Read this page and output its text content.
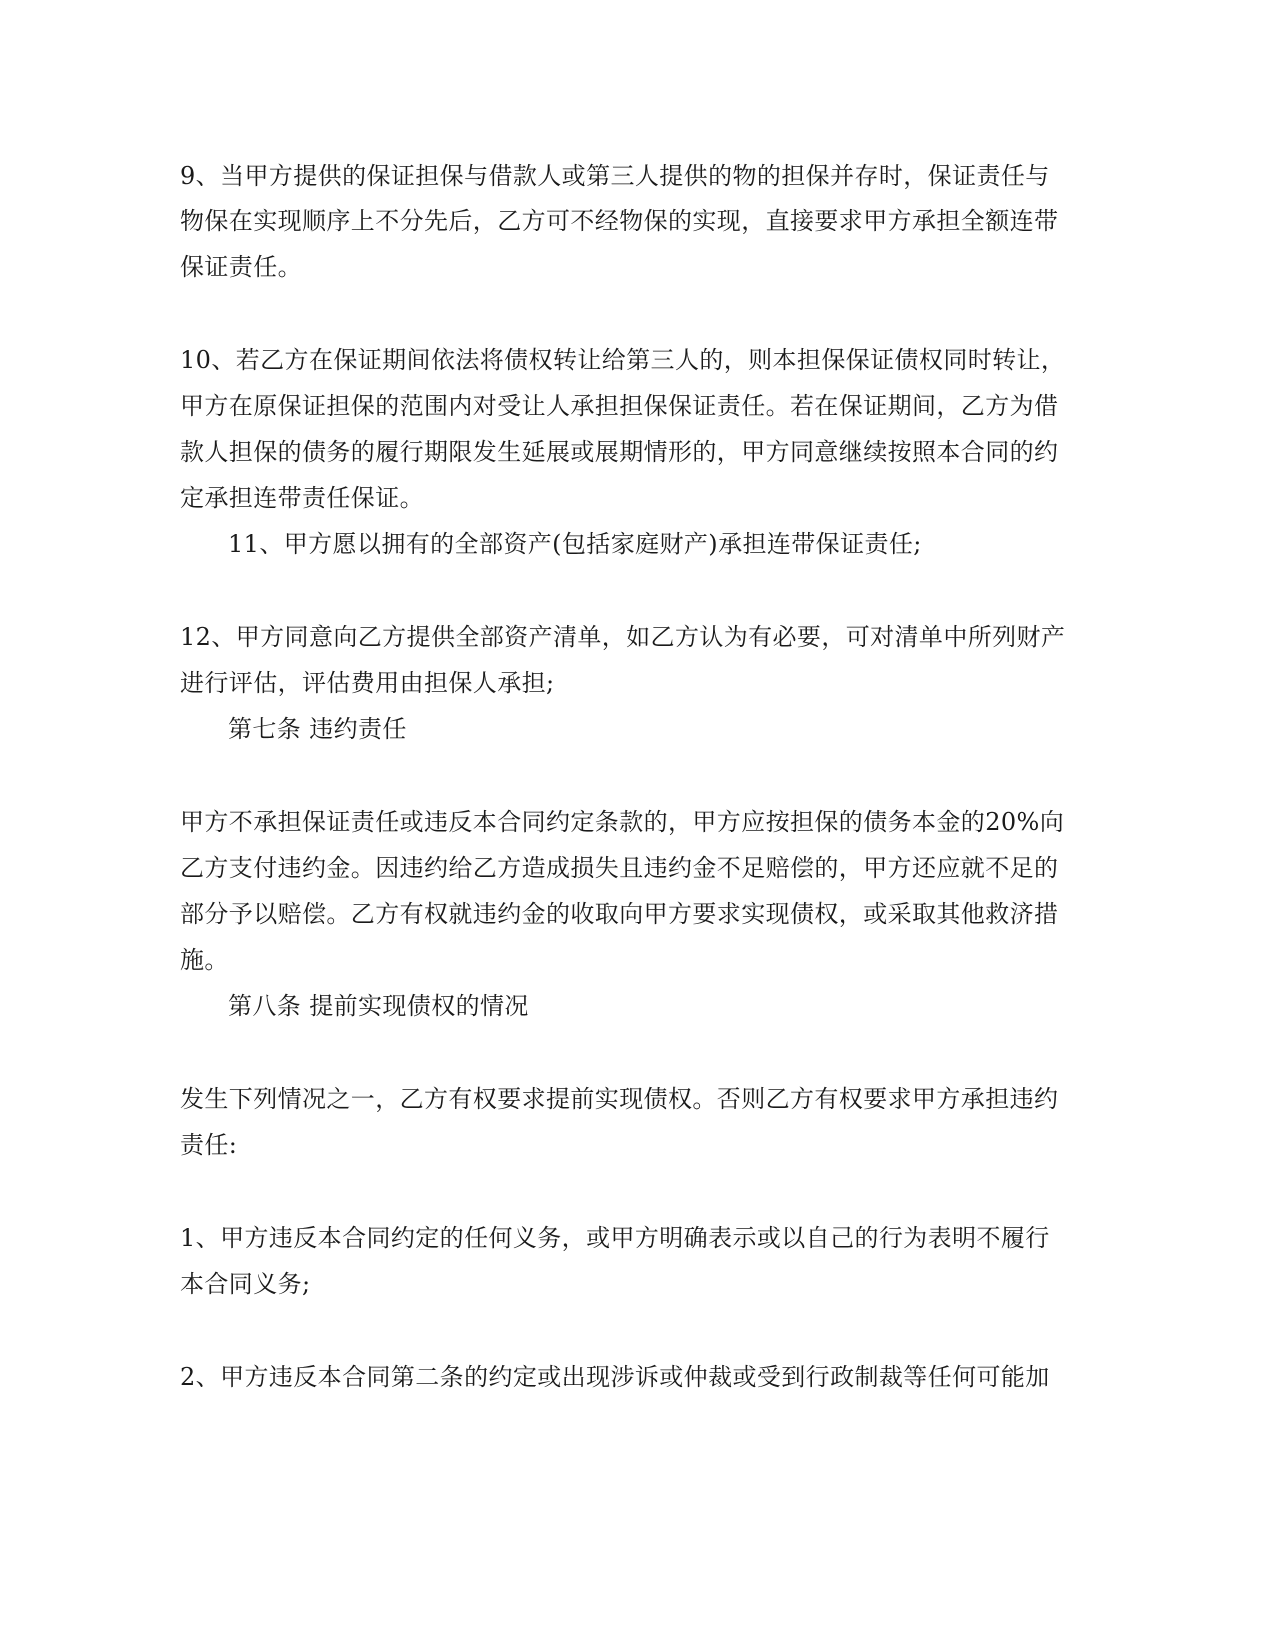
9、当甲方提供的保证担保与借款人或第三人提供的物的担保并存时，保证责任与
物保在实现顺序上不分先后，乙方可不经物保的实现，直接要求甲方承担全额连带
保证责任。
10、若乙方在保证期间依法将债权转让给第三人的，则本担保保证债权同时转让，
甲方在原保证担保的范围内对受让人承担担保保证责任。若在保证期间，乙方为借
款人担保的债务的履行期限发生延展或展期情形的，甲方同意继续按照本合同的约
定承担连带责任保证。
11、甲方愿以拥有的全部资产(包括家庭财产)承担连带保证责任;
12、甲方同意向乙方提供全部资产清单，如乙方认为有必要，可对清单中所列财产
进行评估，评估费用由担保人承担;
第七条 违约责任
甲方不承担保证责任或违反本合同约定条款的，甲方应按担保的债务本金的20%向
乙方支付违约金。因违约给乙方造成损失且违约金不足赔偿的，甲方还应就不足的
部分予以赔偿。乙方有权就违约金的收取向甲方要求实现债权，或采取其他救济措
施。
第八条 提前实现债权的情况
发生下列情况之一，乙方有权要求提前实现债权。否则乙方有权要求甲方承担违约
责任:
1、甲方违反本合同约定的任何义务，或甲方明确表示或以自己的行为表明不履行
本合同义务;
2、甲方违反本合同第二条的约定或出现涉诉或仲裁或受到行政制裁等任何可能加
